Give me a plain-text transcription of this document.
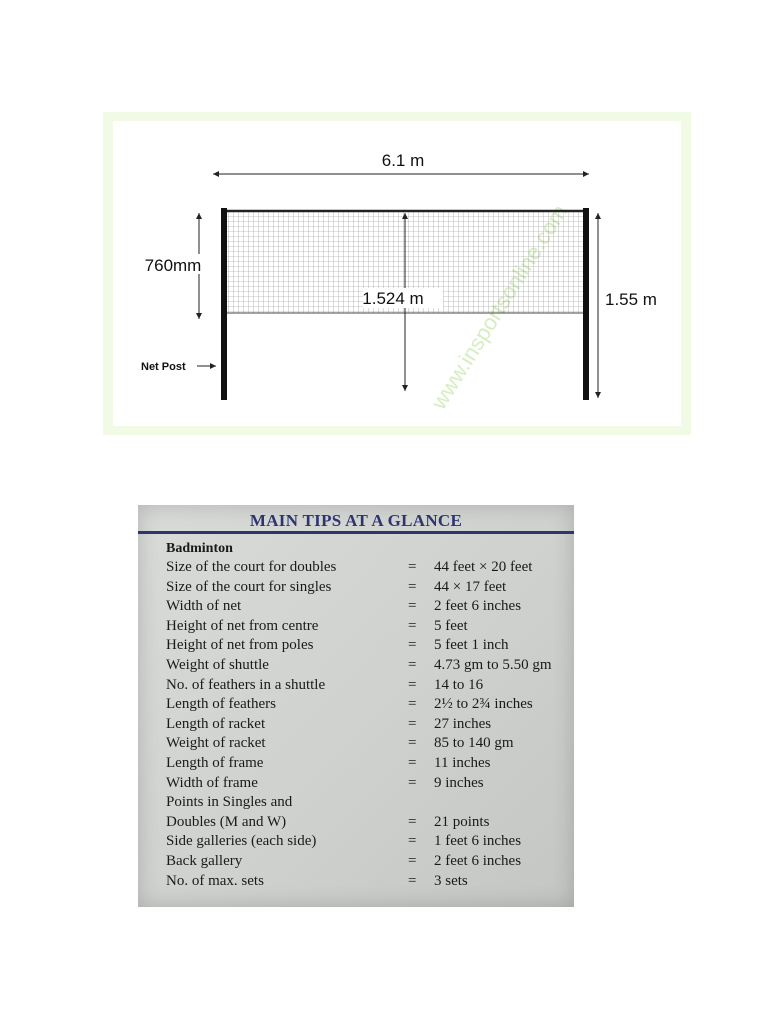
6.1 m
760mm
1.524 m	1.55 m
Net Post
MAIN TIPS AT A GLANCE
Badminton
Size of the court for doubles	= 44 feet × 20 feet
Size of the court for singles	= 44 × 17 feet
Width of net	= 2 feet 6 inches
Height of net from centre	= 5 feet
Height of net from poles	= 5 feet 1 inch
Weight of shuttle	= 4.73 gm to 5.50 gm
No. of feathers in a shuttle	= 14 to 16
Length of feathers	= 2½ to 2¾ inches
Length of racket	= 27 inches
Weight of racket	= 85 to 140 gm
Length of frame	= 11 inches
Width of frame	= 9 inches
Points in Singles and
Doubles (M and W)	= 21 points
Side galleries (each side)	= 1 feet 6 inches
Back gallery	= 2 feet 6 inches
No. of max. sets	= 3 sets
